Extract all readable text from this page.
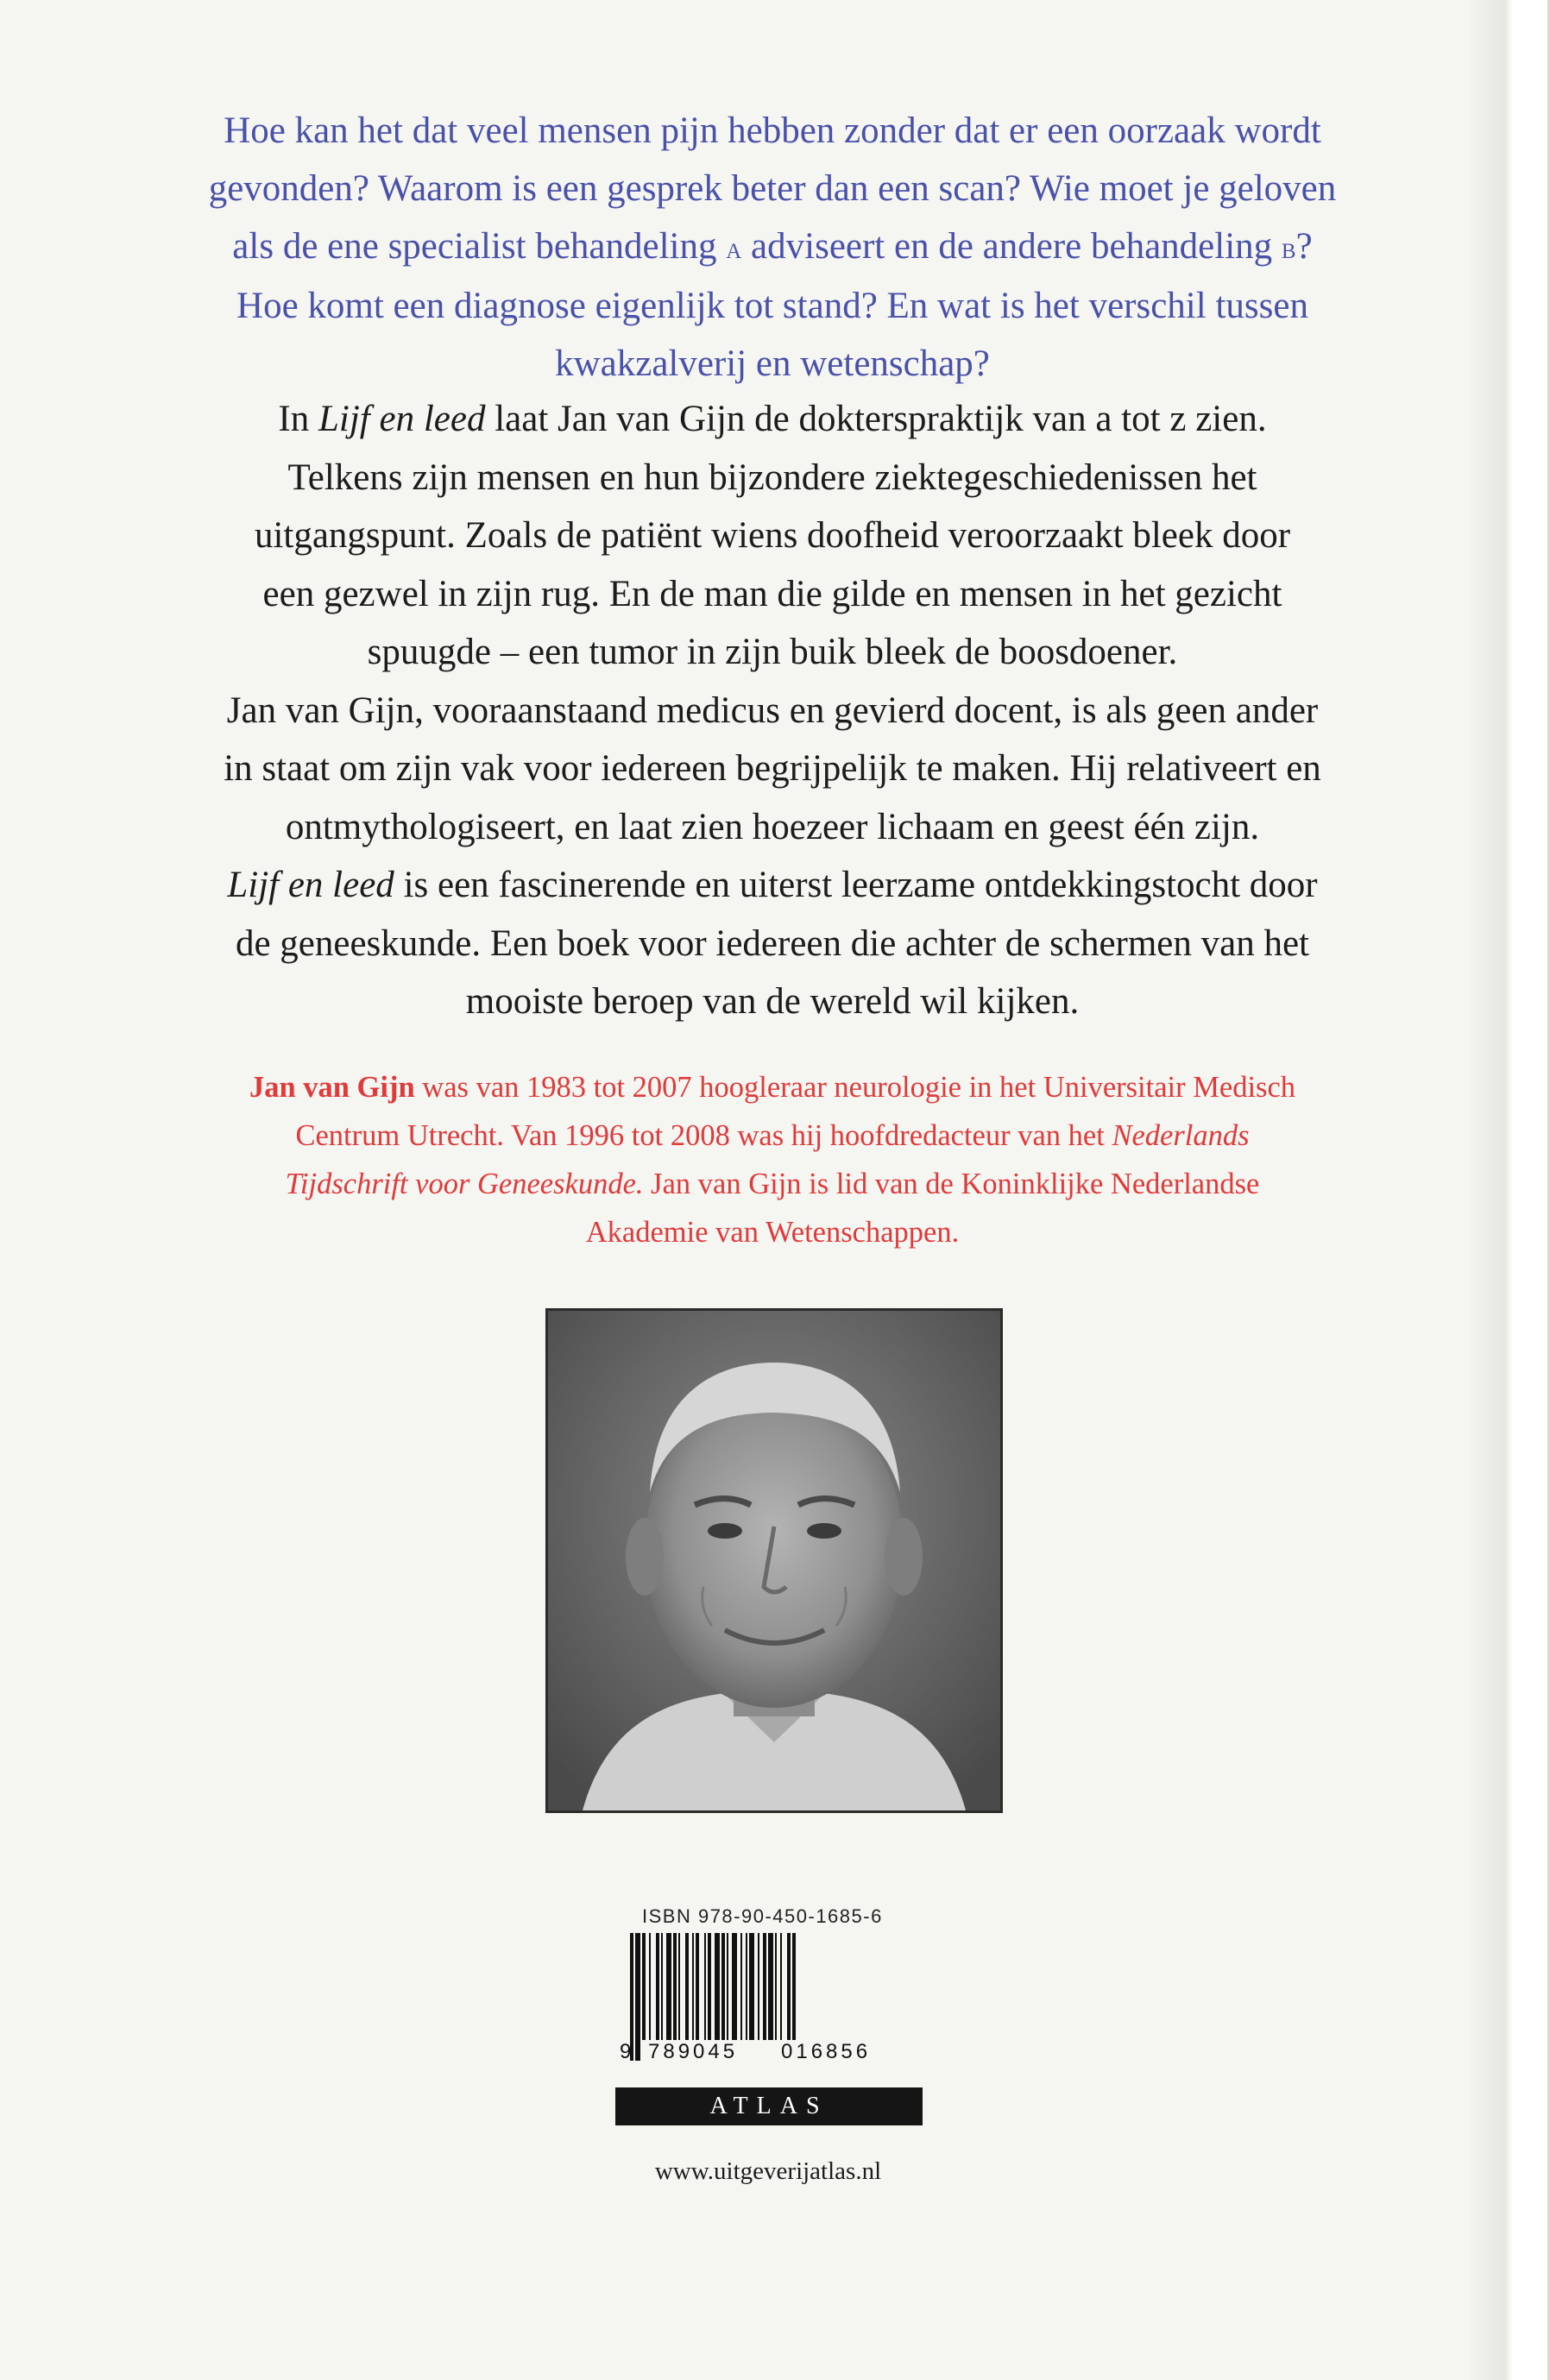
Hoe kan het dat veel mensen pijn hebben zonder dat er een oorzaak wordt
gevonden? Waarom is een gesprek beter dan een scan? Wie moet je geloven
als de ene specialist behandeling a adviseert en de andere behandeling b?
Hoe komt een diagnose eigenlijk tot stand? En wat is het verschil tussen
kwakzalverij en wetenschap?

In Lijf en leed laat Jan van Gijn de dokterspraktijk van a tot z zien.
Telkens zijn mensen en hun bijzondere ziektegeschiedenissen het
uitgangspunt. Zoals de patiënt wiens doofheid veroorzaakt bleek door
een gezwel in zijn rug. En de man die gilde en mensen in het gezicht
spuugde – een tumor in zijn buik bleek de boosdoener.

Jan van Gijn, vooraanstaand medicus en gevierd docent, is als geen ander
in staat om zijn vak voor iedereen begrijpelijk te maken. Hij relativeert en
ontmythologiseert, en laat zien hoezeer lichaam en geest één zijn.

Lijf en leed is een fascinerende en uiterst leerzame ontdekkingstocht door
de geneeskunde. Een boek voor iedereen die achter de schermen van het
mooiste beroep van de wereld wil kijken.

Jan van Gijn was van 1983 tot 2007 hoogleraar neurologie in het Universitair Medisch
Centrum Utrecht. Van 1996 tot 2008 was hij hoofdredacteur van het Nederlands
Tijdschrift voor Geneeskunde. Jan van Gijn is lid van de Koninklijke Nederlandse
Akademie van Wetenschappen.
ISBN 978-90-450-1685-6
9 789045 016856
ATLAS
www.uitgeverijatlas.nl
